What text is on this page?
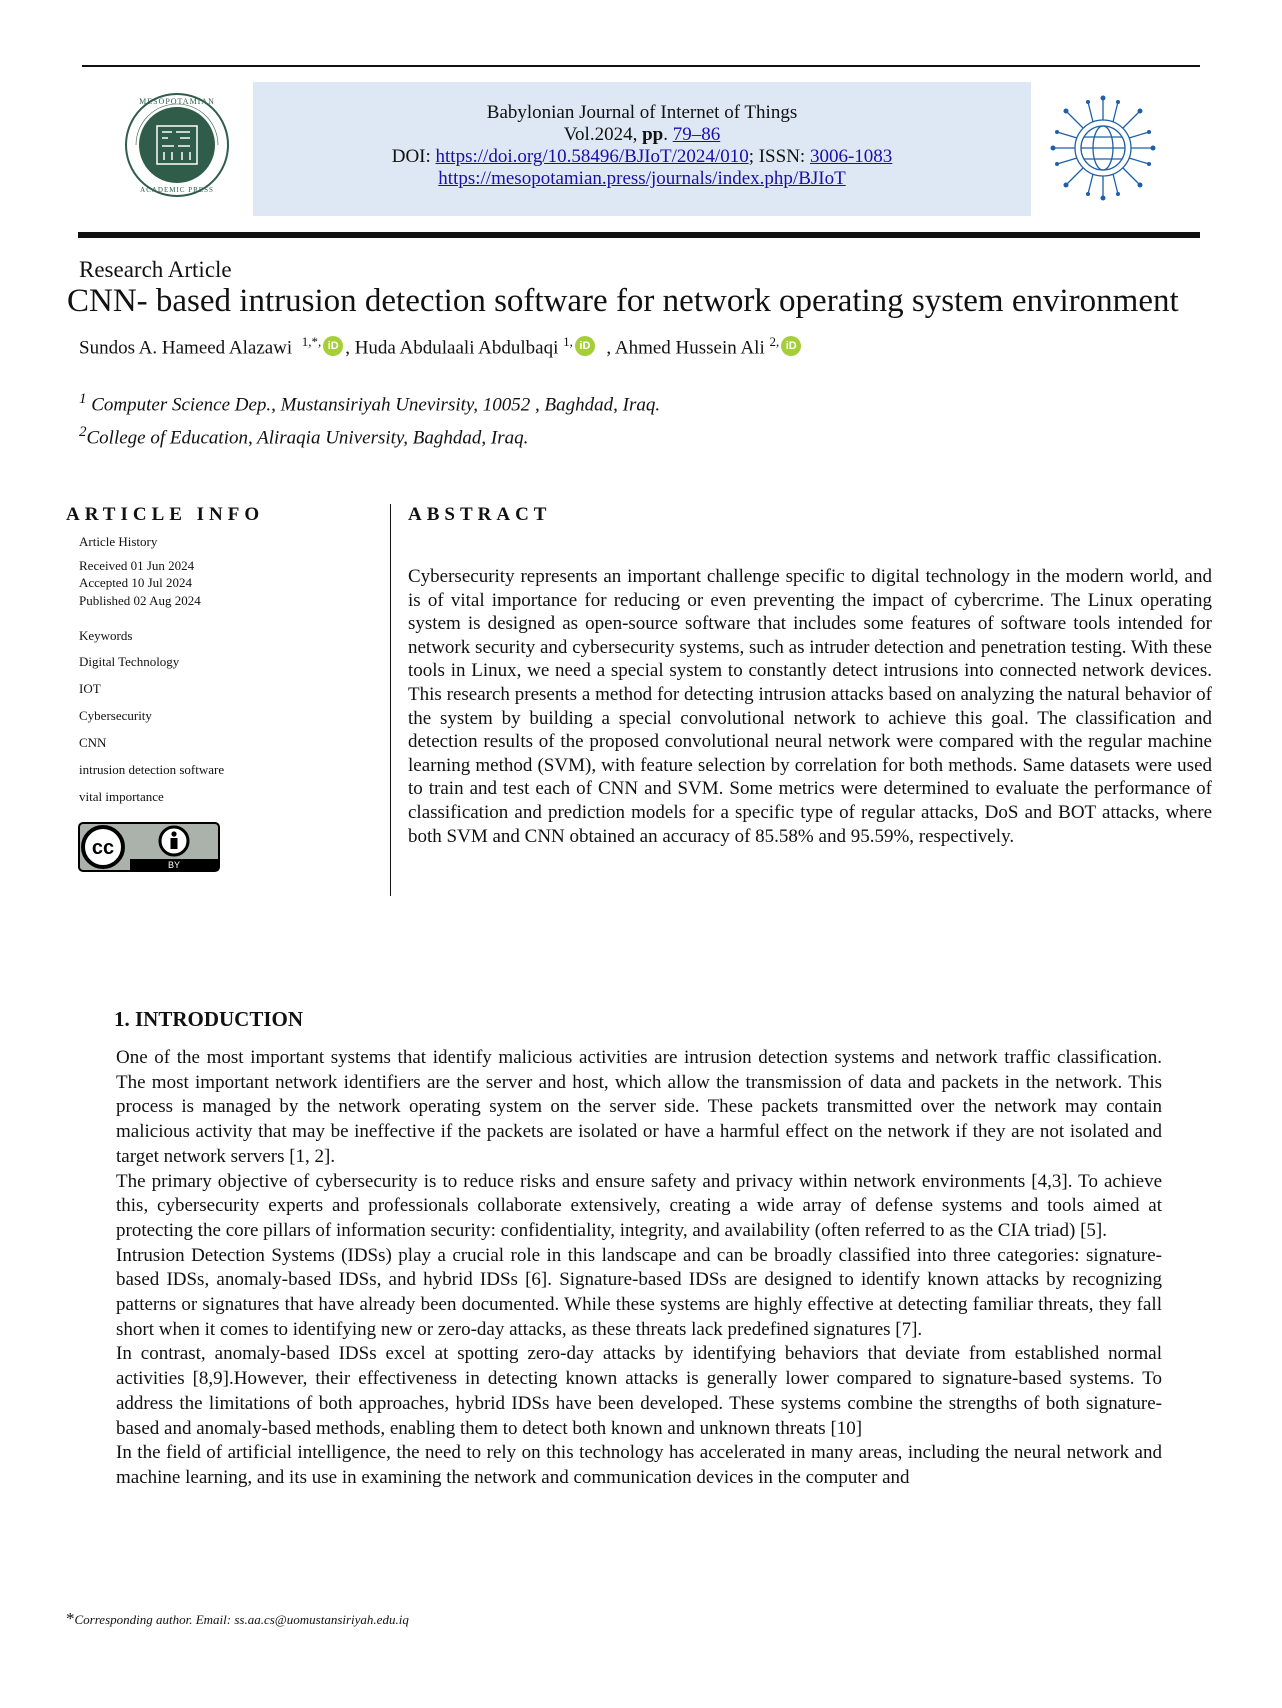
MESOPOTAMIAN
ACADEMIC PRESS
Babylonian Journal of Internet of Things
Vol.2024, pp. 79–86
DOI: https://doi.org/10.58496/BJIoT/2024/010; ISSN: 3006-1083
https://mesopotamian.press/journals/index.php/BJIoT
Research Article
CNN- based intrusion detection software for network operating system environment
Sundos A. Hameed Alazawi $^{1,*,}$ iD , Huda Abdulaali Abdulbaqi $^{1,}$ iD  , Ahmed Hussein Ali $^{2,}$ iD
$^1$ Computer Science Dep., Mustansiriyah Unevirsity, 10052 , Baghdad, Iraq.
$^2$College of Education, Aliraqia University, Baghdad, Iraq.
ARTICLE INFO
Article History
Received 01 Jun 2024
Accepted 10 Jul 2024
Published 02 Aug 2024
Keywords
Digital Technology
IOT
Cybersecurity
CNN
intrusion detection software
vital importance
cc
BY
ABSTRACT
Cybersecurity represents an important challenge specific to digital technology in the modern world, and is of vital importance for reducing or even preventing the impact of cybercrime. The Linux operating system is designed as open-source software that includes some features of software tools intended for network security and cybersecurity systems, such as intruder detection and penetration testing. With these tools in Linux, we need a special system to constantly detect intrusions into connected network devices. This research presents a method for detecting intrusion attacks based on analyzing the natural behavior of the system by building a special convolutional network to achieve this goal. The classification and detection results of the proposed convolutional neural network were compared with the regular machine learning method (SVM), with feature selection by correlation for both methods. Same datasets were used to train and test each of CNN and SVM. Some metrics were determined to evaluate the performance of classification and prediction models for a specific type of regular attacks, DoS and BOT attacks, where both SVM and CNN obtained an accuracy of 85.58% and 95.59%, respectively.
1. INTRODUCTION

One of the most important systems that identify malicious activities are intrusion detection systems and network traffic classification. The most important network identifiers are the server and host, which allow the transmission of data and packets in the network. This process is managed by the network operating system on the server side. These packets transmitted over the network may contain malicious activity that may be ineffective if the packets are isolated or have a harmful effect on the network if they are not isolated and target network servers [1, 2].

The primary objective of cybersecurity is to reduce risks and ensure safety and privacy within network environments [4,3]. To achieve this, cybersecurity experts and professionals collaborate extensively, creating a wide array of defense systems and tools aimed at protecting the core pillars of information security: confidentiality, integrity, and availability (often referred to as the CIA triad) [5].

Intrusion Detection Systems (IDSs) play a crucial role in this landscape and can be broadly classified into three categories: signature-based IDSs, anomaly-based IDSs, and hybrid IDSs [6]. Signature-based IDSs are designed to identify known attacks by recognizing patterns or signatures that have already been documented. While these systems are highly effective at detecting familiar threats, they fall short when it comes to identifying new or zero-day attacks, as these threats lack predefined signatures [7].

In contrast, anomaly-based IDSs excel at spotting zero-day attacks by identifying behaviors that deviate from established normal activities [8,9].However, their effectiveness in detecting known attacks is generally lower compared to signature-based systems. To address the limitations of both approaches, hybrid IDSs have been developed. These systems combine the strengths of both signature-based and anomaly-based methods, enabling them to detect both known and unknown threats [10]

In the field of artificial intelligence, the need to rely on this technology has accelerated in many areas, including the neural network and machine learning, and its use in examining the network and communication devices in the computer and

*Corresponding author. Email: ss.aa.cs@uomustansiriyah.edu.iq
